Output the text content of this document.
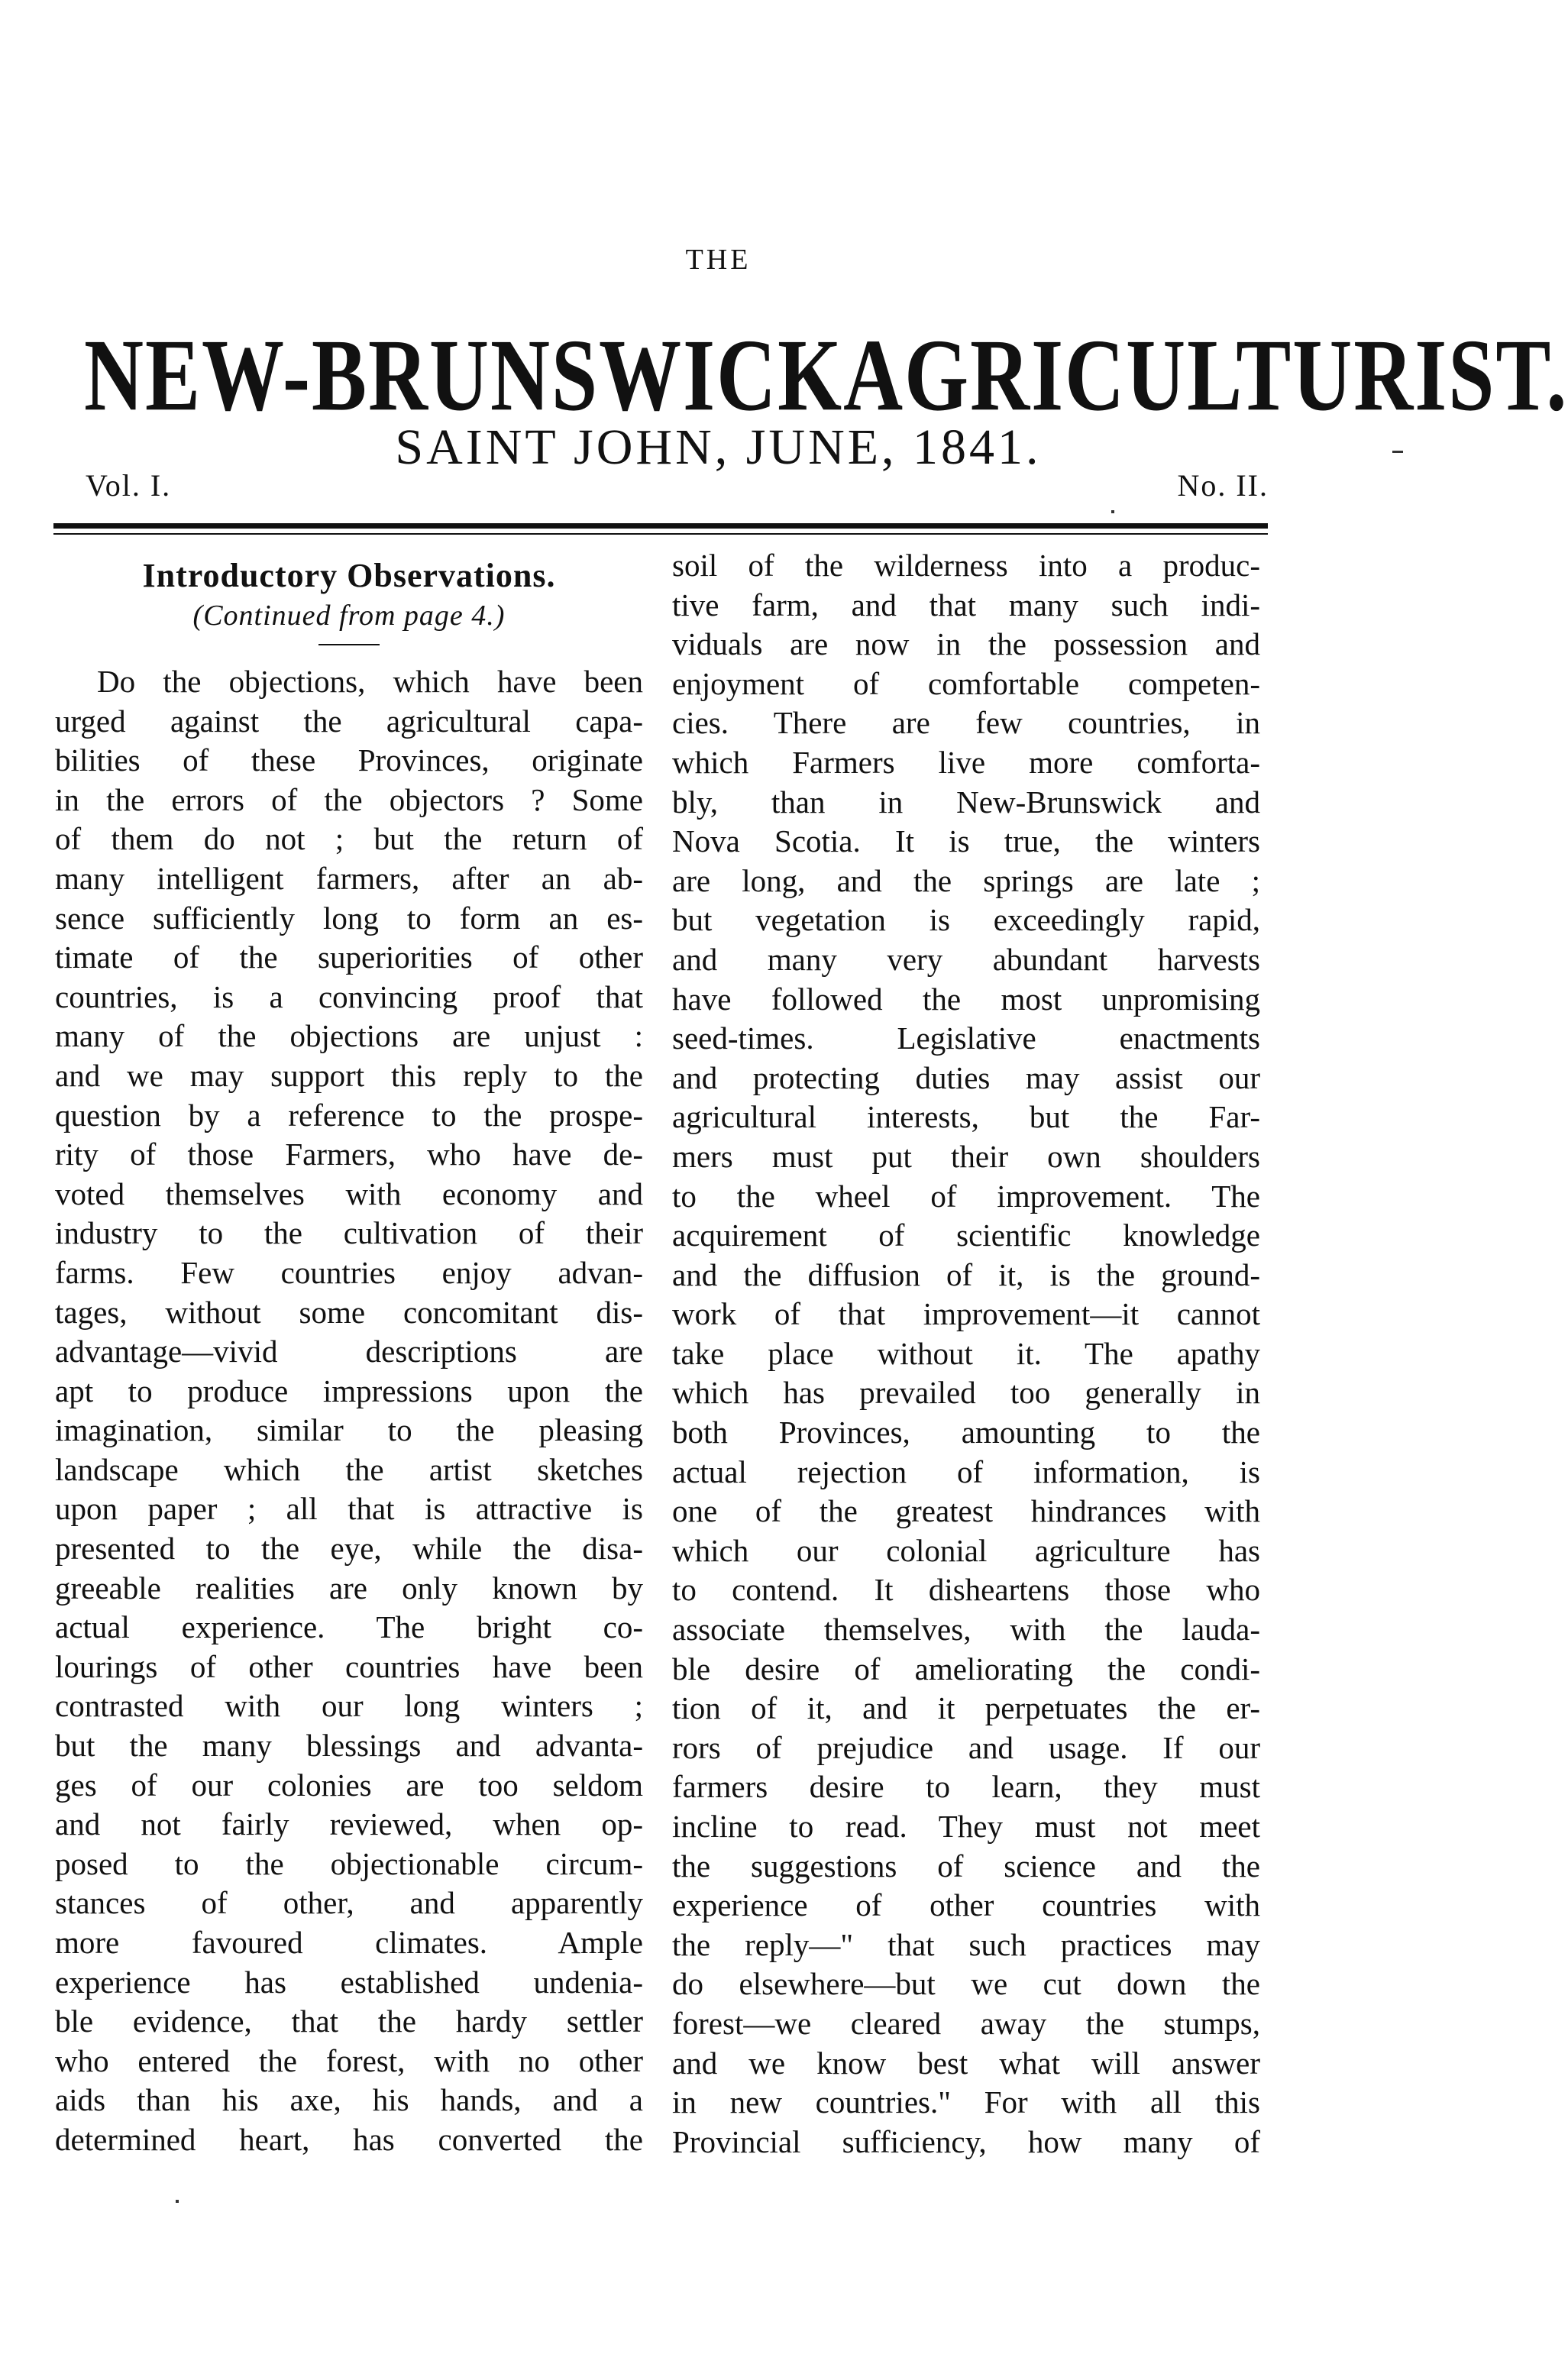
THE
NEW-BRUNSWICK AGRICULTURIST.
SAINT JOHN, JUNE, 1841.
Vol. I.	No. II.
Introductory Observations.
(Continued from page 4.)
Do the objections, which have been
urged against the agricultural capa-
bilities of these Provinces, originate
in the errors of the objectors ? Some
of them do not ; but the return of
many intelligent farmers, after an ab-
sence sufficiently long to form an es-
timate of the superiorities of other
countries, is a convincing proof that
many of the objections are unjust :
and we may support this reply to the
question by a reference to the prospe-
rity of those Farmers, who have de-
voted themselves with economy and
industry to the cultivation of their
farms. Few countries enjoy advan-
tages, without some concomitant dis-
advantage—vivid descriptions are
apt to produce impressions upon the
imagination, similar to the pleasing
landscape which the artist sketches
upon paper ; all that is attractive is
presented to the eye, while the disa-
greeable realities are only known by
actual experience. The bright co-
lourings of other countries have been
contrasted with our long winters ;
but the many blessings and advanta-
ges of our colonies are too seldom
and not fairly reviewed, when op-
posed to the objectionable circum-
stances of other, and apparently
more favoured climates. Ample
experience has established undenia-
ble evidence, that the hardy settler
who entered the forest, with no other
aids than his axe, his hands, and a
determined heart, has converted the
soil of the wilderness into a produc-
tive farm, and that many such indi-
viduals are now in the possession and
enjoyment of comfortable competen-
cies. There are few countries, in
which Farmers live more comforta-
bly, than in New-Brunswick and
Nova Scotia. It is true, the winters
are long, and the springs are late ;
but vegetation is exceedingly rapid,
and many very abundant harvests
have followed the most unpromising
seed-times. Legislative enactments
and protecting duties may assist our
agricultural interests, but the Far-
mers must put their own shoulders
to the wheel of improvement. The
acquirement of scientific knowledge
and the diffusion of it, is the ground-
work of that improvement—it cannot
take place without it. The apathy
which has prevailed too generally in
both Provinces, amounting to the
actual rejection of information, is
one of the greatest hindrances with
which our colonial agriculture has
to contend. It disheartens those who
associate themselves, with the lauda-
ble desire of ameliorating the condi-
tion of it, and it perpetuates the er-
rors of prejudice and usage. If our
farmers desire to learn, they must
incline to read. They must not meet
the suggestions of science and the
experience of other countries with
the reply—" that such practices may
do elsewhere—but we cut down the
forest—we cleared away the stumps,
and we know best what will answer
in new countries." For with all this
Provincial sufficiency, how many of
